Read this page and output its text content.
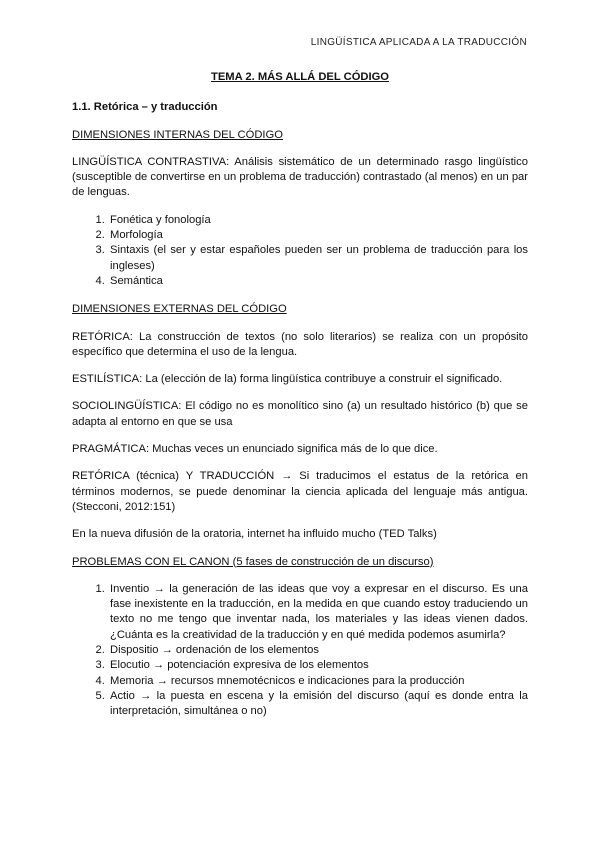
LINGÜÍSTICA APLICADA A LA TRADUCCIÓN
TEMA 2. MÁS ALLÁ DEL CÓDIGO
1.1. Retórica – y traducción
DIMENSIONES INTERNAS DEL CÓDIGO

LINGÜÍSTICA CONTRASTIVA: Análisis sistemático de un determinado rasgo lingüístico (susceptible de convertirse en un problema de traducción) contrastado (al menos) en un par de lenguas.

1. Fonética y fonología
2. Morfología
3. Sintaxis (el ser y estar españoles pueden ser un problema de traducción para los ingleses)
4. Semántica
DIMENSIONES EXTERNAS DEL CÓDIGO

RETÓRICA: La construcción de textos (no solo literarios) se realiza con un propósito específico que determina el uso de la lengua.

ESTILÍSTICA: La (elección de la) forma lingüística contribuye a construir el significado.

SOCIOLINGÜÍSTICA: El código no es monolítico sino (a) un resultado histórico (b) que se adapta al entorno en que se usa

PRAGMÁTICA: Muchas veces un enunciado significa más de lo que dice.

RETÓRICA (técnica) Y TRADUCCIÓN → Si traducimos el estatus de la retórica en términos modernos, se puede denominar la ciencia aplicada del lenguaje más antigua. (Stecconi, 2012:151)

En la nueva difusión de la oratoria, internet ha influido mucho (TED Talks)

PROBLEMAS CON EL CANON (5 fases de construcción de un discurso)
1. Inventio → la generación de las ideas que voy a expresar en el discurso. Es una fase inexistente en la traducción, en la medida en que cuando estoy traduciendo un texto no me tengo que inventar nada, los materiales y las ideas vienen dados. ¿Cuánta es la creatividad de la traducción y en qué medida podemos asumirla?
2. Dispositio → ordenación de los elementos
3. Elocutio → potenciación expresiva de los elementos
4. Memoria → recursos mnemotécnicos e indicaciones para la producción
5. Actio → la puesta en escena y la emisión del discurso (aquí es donde entra la interpretación, simultánea o no)
